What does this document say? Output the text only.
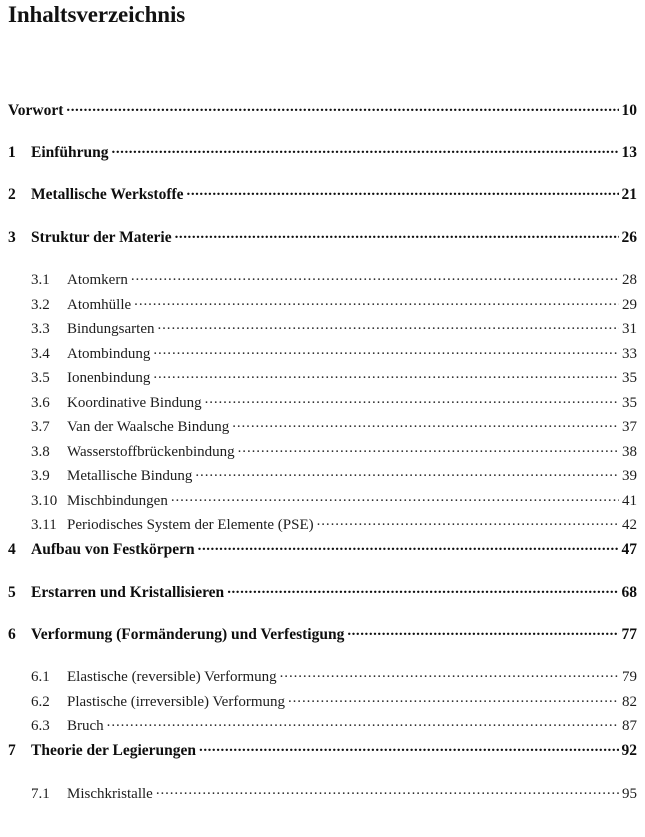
Inhaltsverzeichnis
Vorwort .....	10
1 Einführung .....	13
2 Metallische Werkstoffe .....	21
3 Struktur der Materie .....	26
3.1	Atomkern .....	28
3.2	Atomhülle .....	29
3.3	Bindungsarten .....	31
3.4	Atombindung .....	33
3.5	Ionenbindung .....	35
3.6	Koordinative Bindung .....	35
3.7	Van der Waalsche Bindung .....	37
3.8	Wasserstoffbrückenbindung .....	38
3.9	Metallische Bindung .....	39
3.10 Mischbindungen .....	41
3.11 Periodisches System der Elemente (PSE) .....	42
4 Aufbau von Festkörpern .....	47
5 Erstarren und Kristallisieren .....	68
6 Verformung (Formänderung) und Verfestigung .....	77
6.1	Elastische (reversible) Verformung .....	79
6.2	Plastische (irreversible) Verformung .....	82
6.3	Bruch .....	87
7 Theorie der Legierungen .....	92
7.1	Mischkristalle .....	95
